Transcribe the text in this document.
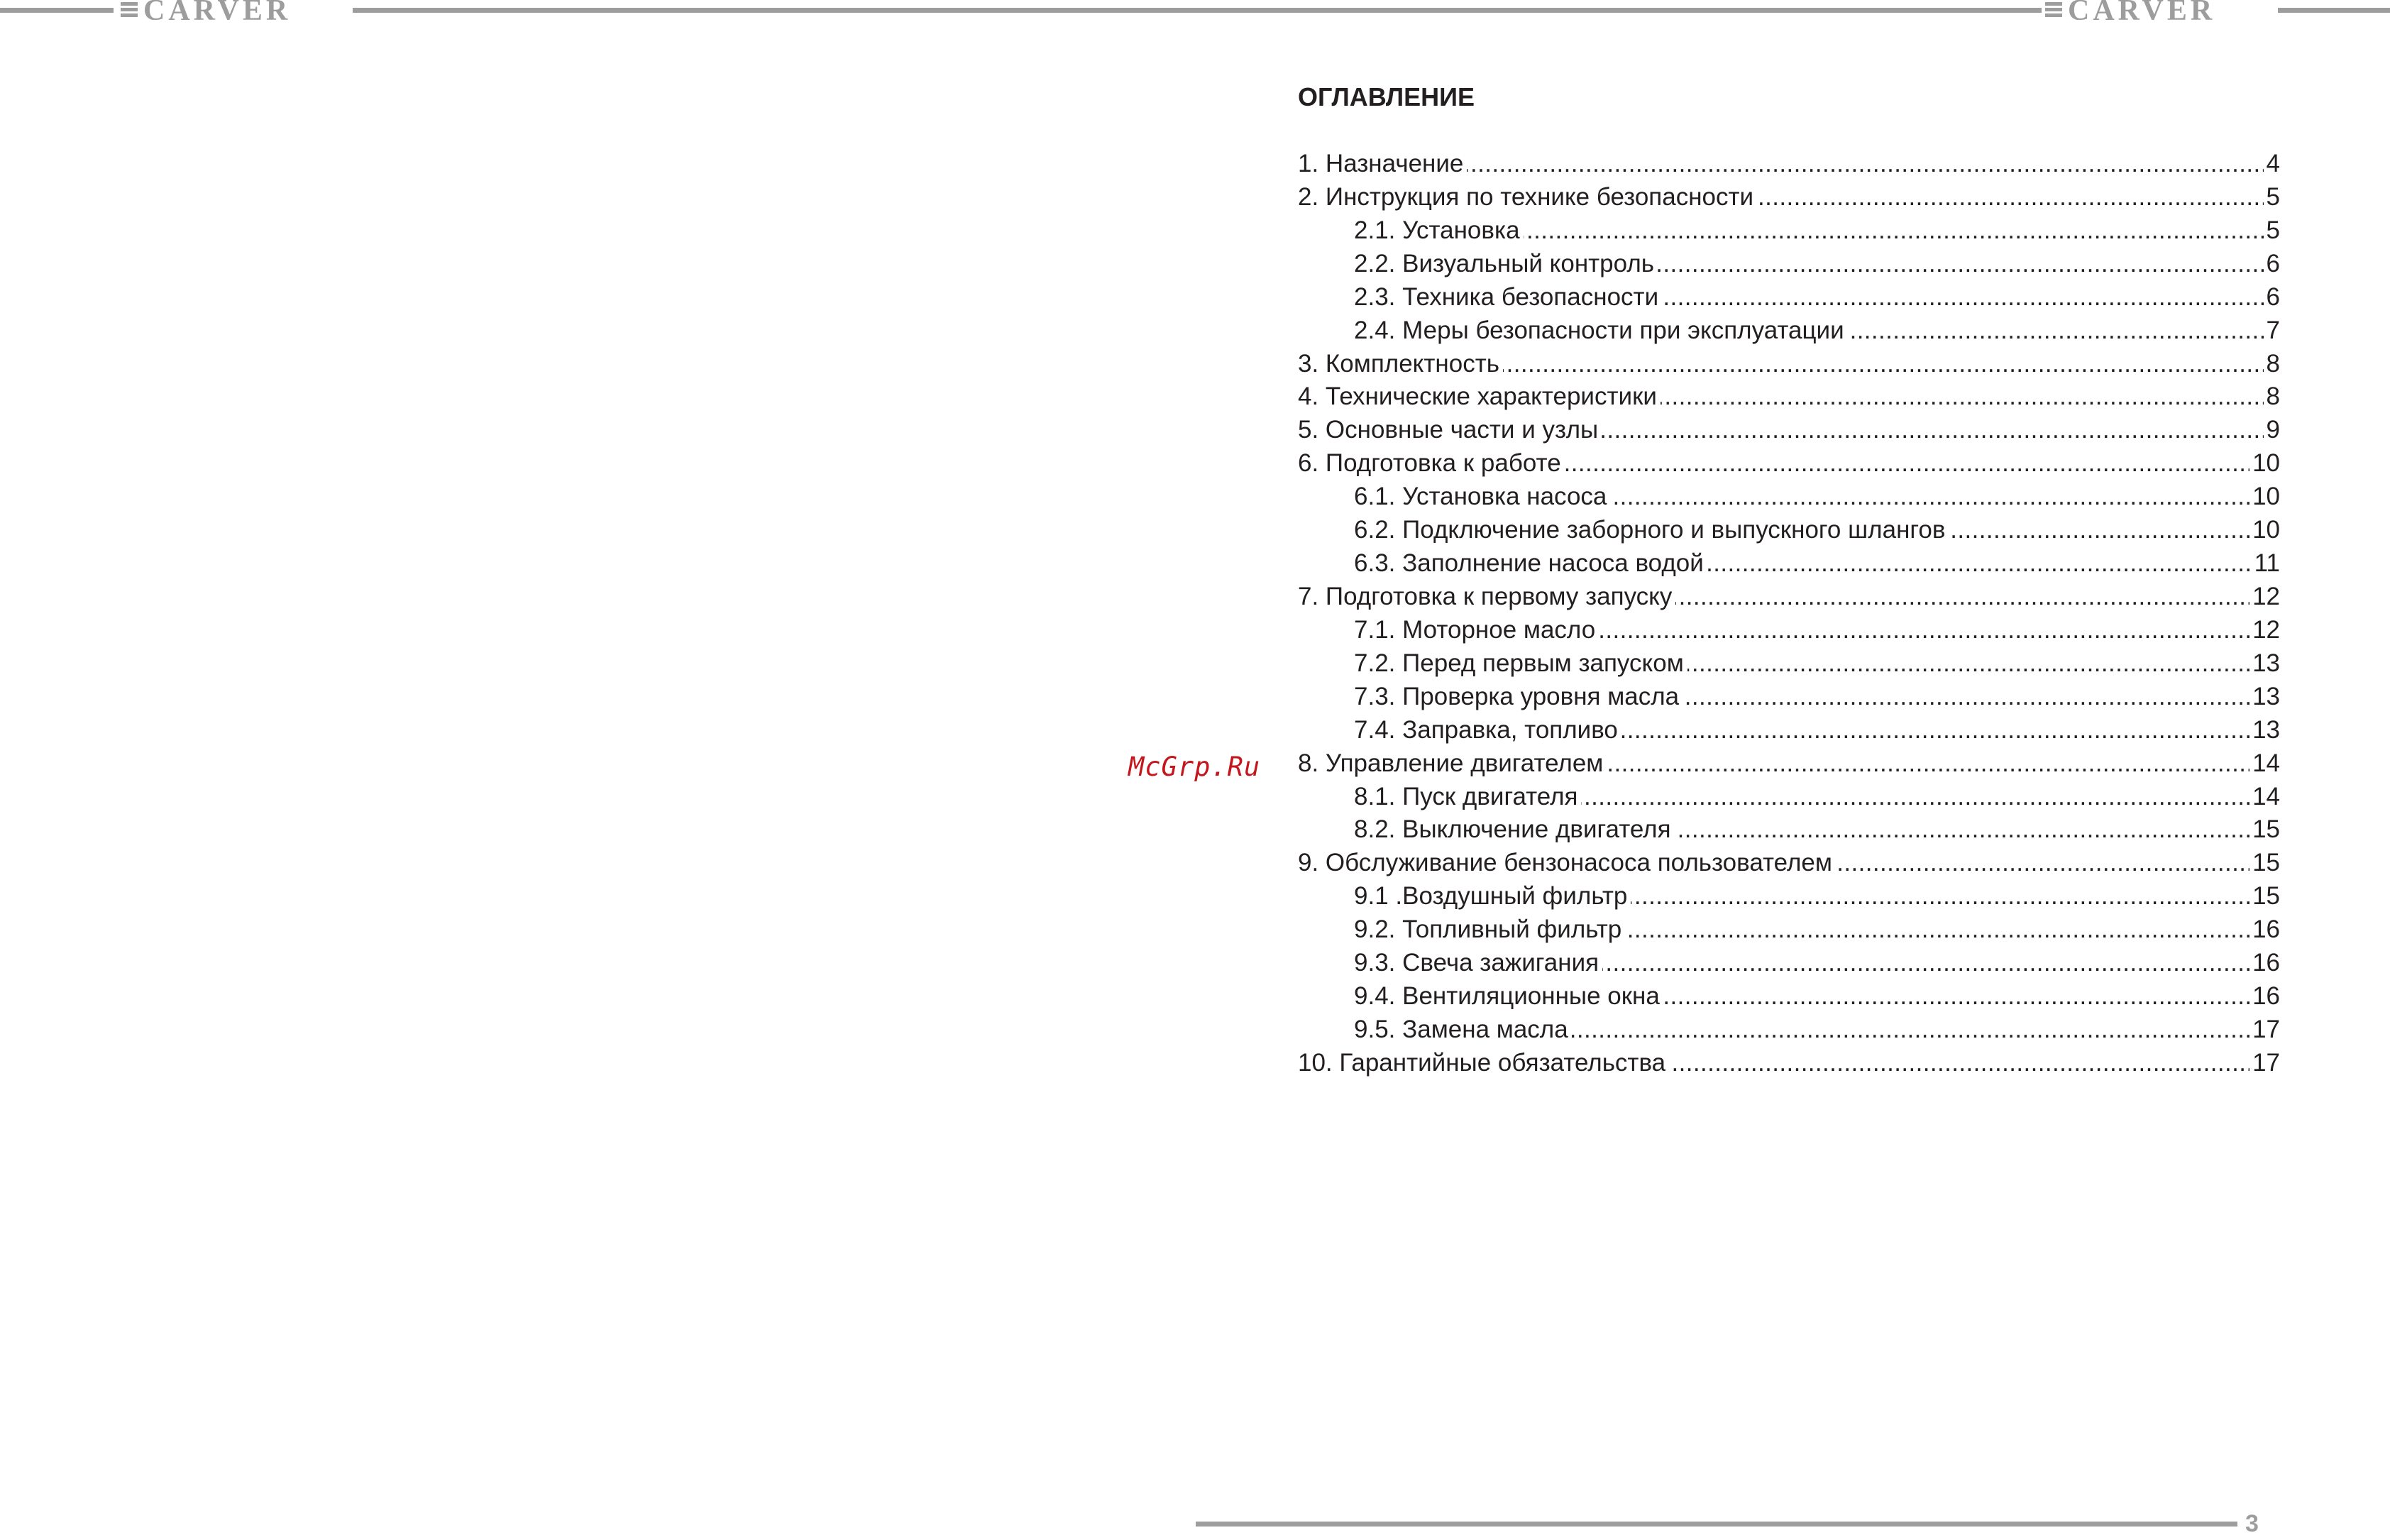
CARVER	CARVER
ОГЛАВЛЕНИЕ
1. Назначение	4
.....
2. Инструкция по технике безопасности	5
.....
2.1. Установка	5
.....
2.2. Визуальный контроль	6
.....
2.3. Техника безопасности	6
.....
2.4. Меры безопасности при эксплуатации	7
.....
3. Комплектность	8
.....
4. Технические характеристики	8
.....
5. Основные части и узлы	9
.....
6. Подготовка к работе	10
.....
6.1. Установка насоса	10
.....
6.2. Подключение заборного и выпускного шлангов	10
.....
6.3. Заполнение насоса водой	11
.....
7. Подготовка к первому запуску	12
.....
7.1. Моторное масло	12
.....
7.2. Перед первым запуском	13
.....
7.3. Проверка уровня масла	13
.....
7.4. Заправка, топливо	13
.....
8. Управление двигателем	14
.....
8.1. Пуск двигателя	14
.....
8.2. Выключение двигателя	15
.....
9. Обслуживание бензонасоса пользователем	15
.....
9.1 .Воздушный фильтр	15
.....
9.2. Топливный фильтр	16
.....
9.3. Свеча зажигания	16
.....
9.4. Вентиляционные окна	16
.....
9.5. Замена масла	17
.....
10. Гарантийные обязательства	17
.....
McGrp.Ru
3
